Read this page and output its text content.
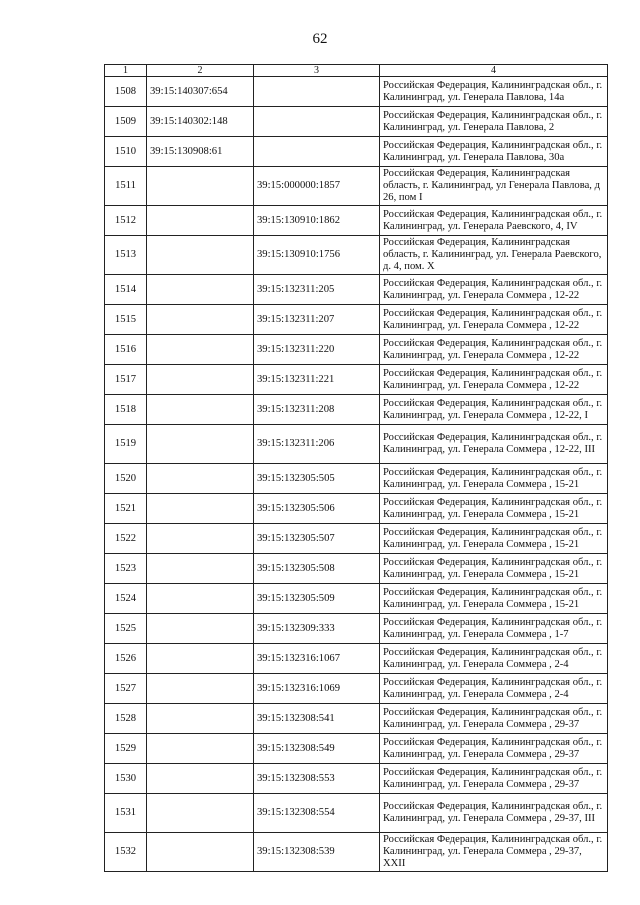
62
1	2	3	4
1508	39:15:140307:654		Российская Федерация, Калининградская обл., г. Калининград, ул. Генерала Павлова, 14а
1509	39:15:140302:148		Российская Федерация, Калининградская обл., г. Калининград, ул. Генерала Павлова, 2
1510	39:15:130908:61		Российская Федерация, Калининградская обл., г. Калининград, ул. Генерала Павлова, 30а
1511		39:15:000000:1857	Российская Федерация, Калининградская область, г. Калининград, ул Генерала Павлова, д 26, пом I
1512		39:15:130910:1862	Российская Федерация, Калининградская обл., г. Калининград, ул. Генерала Раевского, 4, IV
1513		39:15:130910:1756	Российская Федерация, Калининградская область, г. Калининград, ул. Генерала Раевского, д. 4, пом. X
1514		39:15:132311:205	Российская Федерация, Калининградская обл., г. Калининград, ул. Генерала Соммера , 12-22
1515		39:15:132311:207	Российская Федерация, Калининградская обл., г. Калининград, ул. Генерала Соммера , 12-22
1516		39:15:132311:220	Российская Федерация, Калининградская обл., г. Калининград, ул. Генерала Соммера , 12-22
1517		39:15:132311:221	Российская Федерация, Калининградская обл., г. Калининград, ул. Генерала Соммера , 12-22
1518		39:15:132311:208	Российская Федерация, Калининградская обл., г. Калининград, ул. Генерала Соммера , 12-22, I
1519		39:15:132311:206	Российская Федерация, Калининградская обл., г. Калининград, ул. Генерала Соммера , 12-22, III
1520		39:15:132305:505	Российская Федерация, Калининградская обл., г. Калининград, ул. Генерала Соммера , 15-21
1521		39:15:132305:506	Российская Федерация, Калининградская обл., г. Калининград, ул. Генерала Соммера , 15-21
1522		39:15:132305:507	Российская Федерация, Калининградская обл., г. Калининград, ул. Генерала Соммера , 15-21
1523		39:15:132305:508	Российская Федерация, Калининградская обл., г. Калининград, ул. Генерала Соммера , 15-21
1524		39:15:132305:509	Российская Федерация, Калининградская обл., г. Калининград, ул. Генерала Соммера , 15-21
1525		39:15:132309:333	Российская Федерация, Калининградская обл., г. Калининград, ул. Генерала Соммера , 1-7
1526		39:15:132316:1067	Российская Федерация, Калининградская обл., г. Калининград, ул. Генерала Соммера , 2-4
1527		39:15:132316:1069	Российская Федерация, Калининградская обл., г. Калининград, ул. Генерала Соммера , 2-4
1528		39:15:132308:541	Российская Федерация, Калининградская обл., г. Калининград, ул. Генерала Соммера , 29-37
1529		39:15:132308:549	Российская Федерация, Калининградская обл., г. Калининград, ул. Генерала Соммера , 29-37
1530		39:15:132308:553	Российская Федерация, Калининградская обл., г. Калининград, ул. Генерала Соммера , 29-37
1531		39:15:132308:554	Российская Федерация, Калининградская обл., г. Калининград, ул. Генерала Соммера , 29-37, III
1532		39:15:132308:539	Российская Федерация, Калининградская обл., г. Калининград, ул. Генерала Соммера , 29-37, XXII
